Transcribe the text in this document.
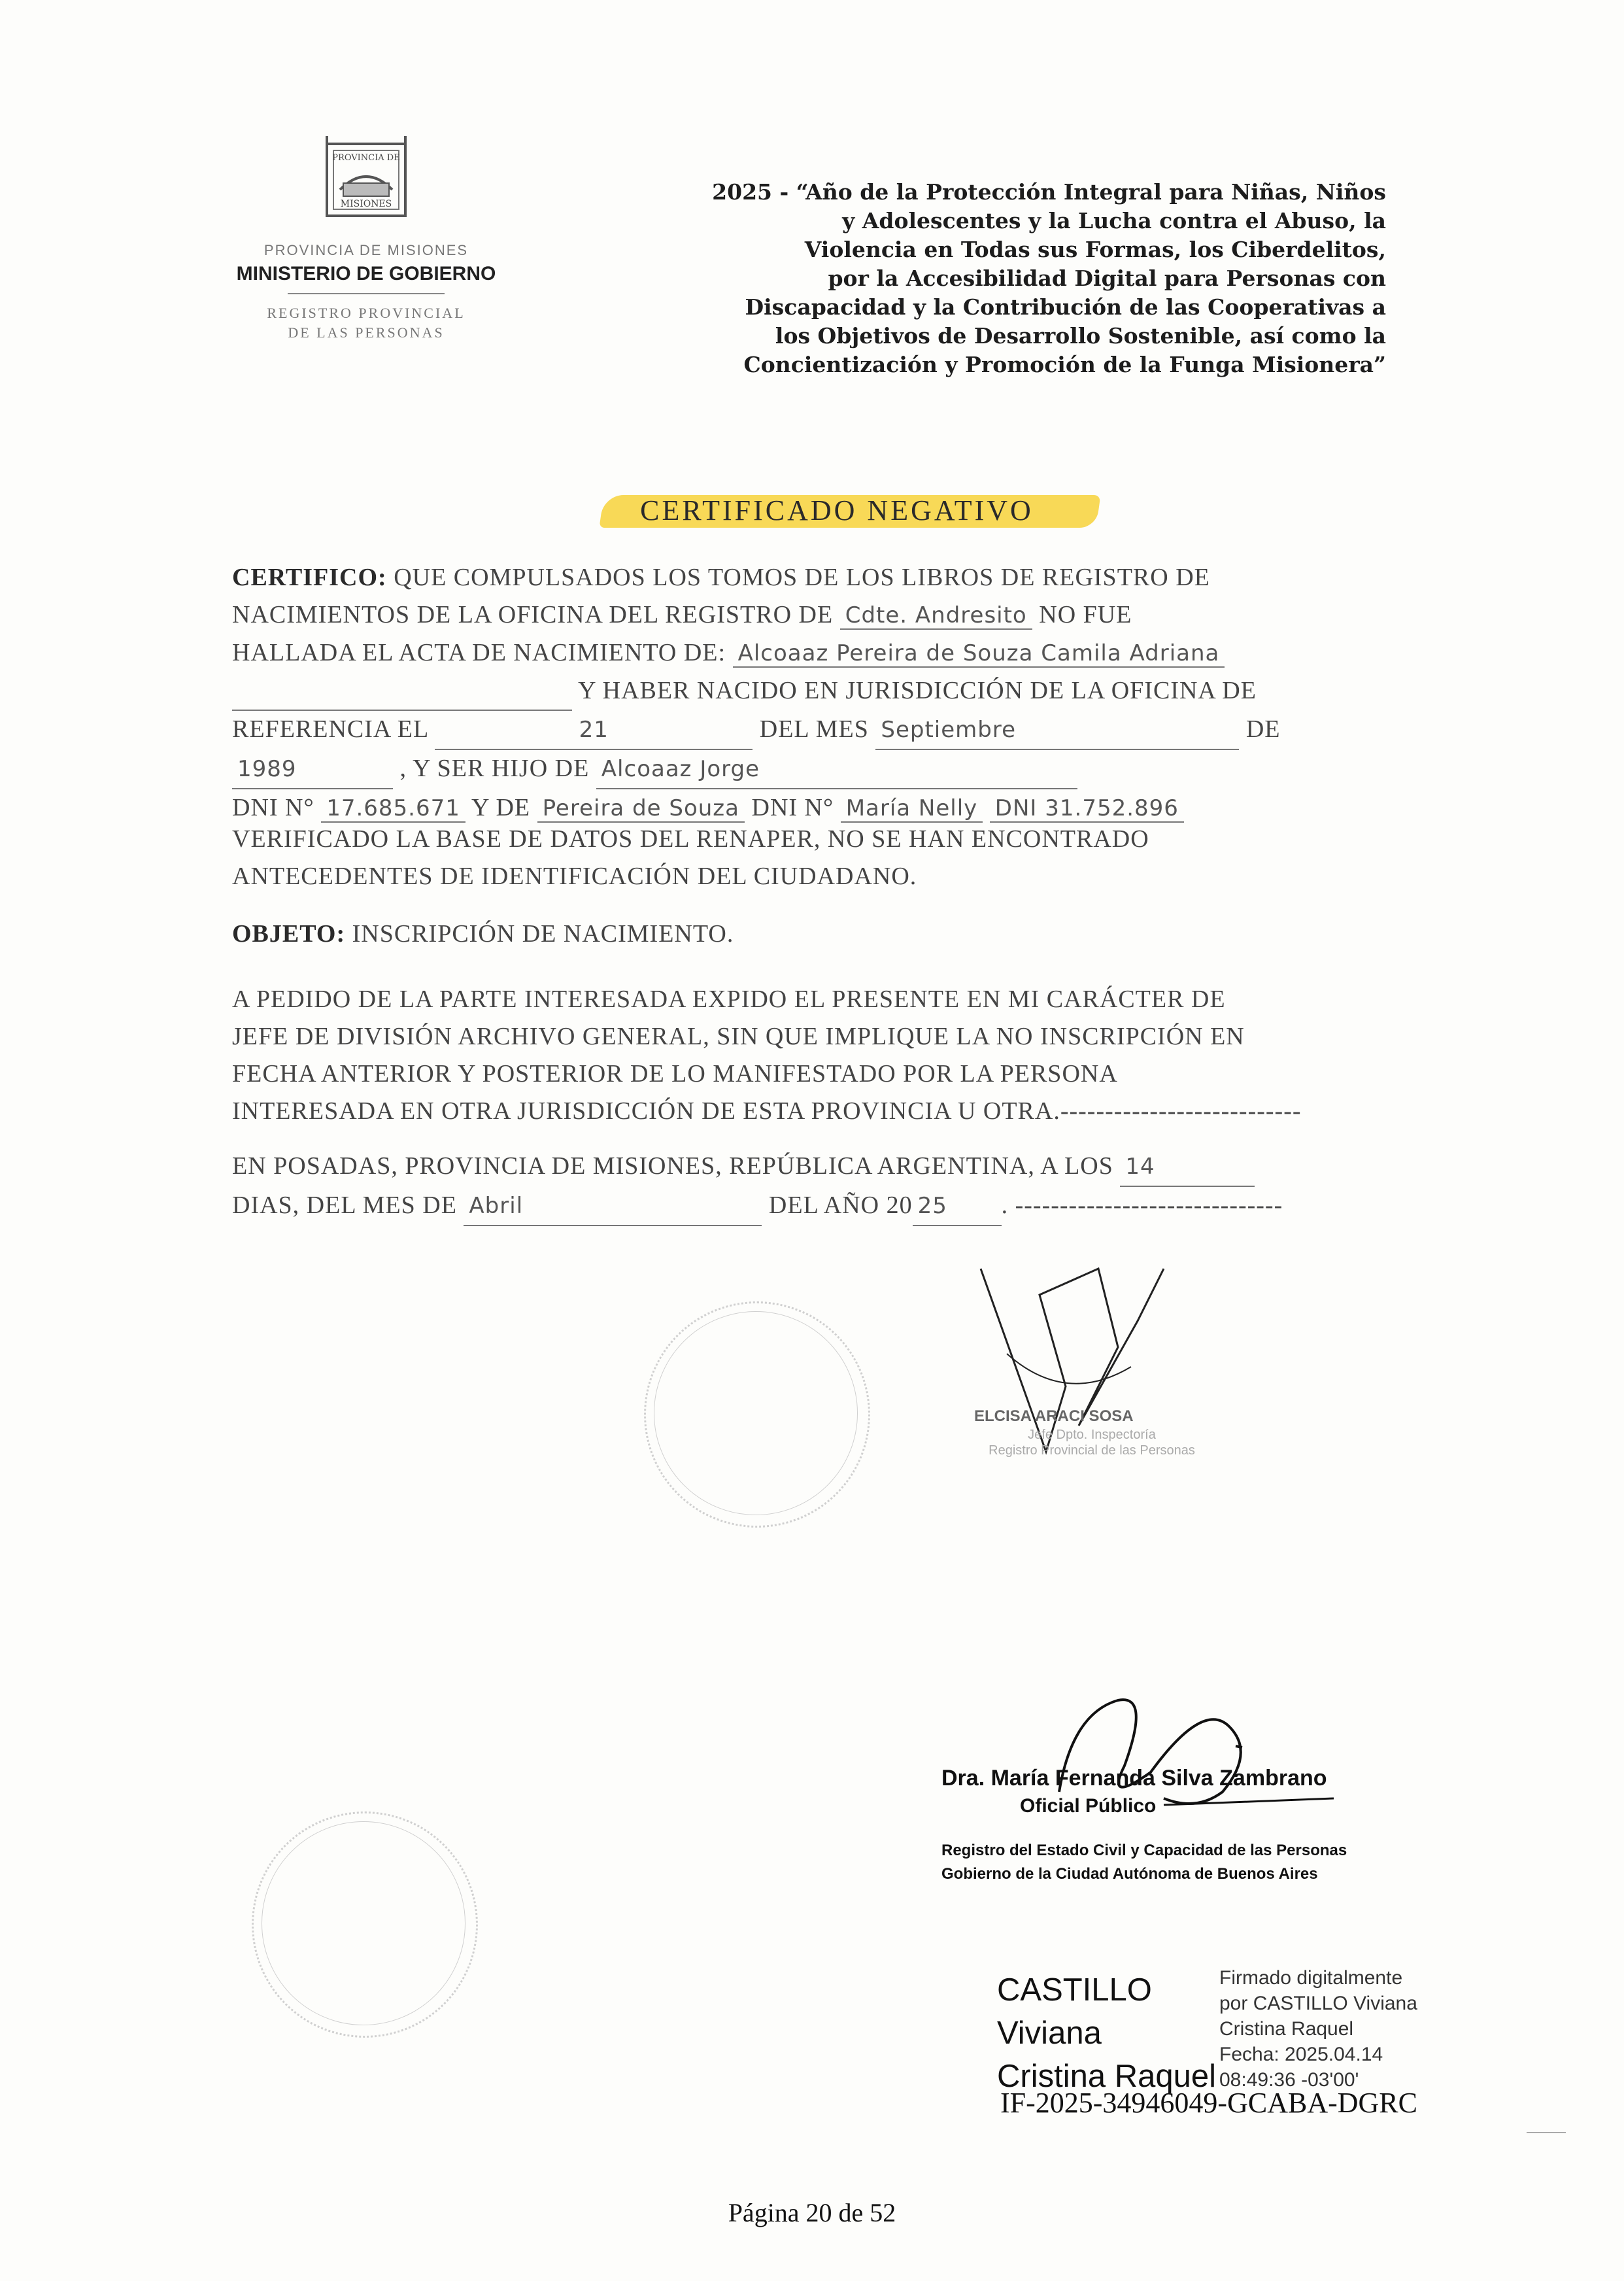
PROVINCIA DE
MISIONES
PROVINCIA DE MISIONES
MINISTERIO DE GOBIERNO
REGISTRO PROVINCIAL
DE LAS PERSONAS
2025 - “Año de la Protección Integral para Niñas, Niños
y Adolescentes y la Lucha contra el Abuso, la
Violencia en Todas sus Formas, los Ciberdelitos,
por la Accesibilidad Digital para Personas con
Discapacidad y la Contribución de las Cooperativas a
los Objetivos de Desarrollo Sostenible, así como la
Concientización y Promoción de la Funga Misionera”
CERTIFICADO NEGATIVO
CERTIFICO: QUE COMPULSADOS LOS TOMOS DE LOS LIBROS DE REGISTRO DE
NACIMIENTOS DE LA OFICINA DEL REGISTRO DE Cdte. Andresito NO FUE
HALLADA EL ACTA DE NACIMIENTO DE: Alcoaaz Pereira de Souza Camila Adriana
Y HABER NACIDO EN JURISDICCIÓN DE LA OFICINA DE
REFERENCIA EL	21	DEL MES Septiembre	DE
1989	, Y SER HIJO DE Alcoaaz Jorge
DNI N° 17.685.671 Y DE Pereira de Souza DNI N° María Nelly DNI 31.752.896
VERIFICADO LA BASE DE DATOS DEL RENAPER, NO SE HAN ENCONTRADO
ANTECEDENTES DE IDENTIFICACIÓN DEL CIUDADANO.
OBJETO: INSCRIPCIÓN DE NACIMIENTO.
A PEDIDO DE LA PARTE INTERESADA EXPIDO EL PRESENTE EN MI CARÁCTER DE
JEFE DE DIVISIÓN ARCHIVO GENERAL, SIN QUE IMPLIQUE LA NO INSCRIPCIÓN EN
FECHA ANTERIOR Y POSTERIOR DE LO MANIFESTADO POR LA PERSONA
INTERESADA EN OTRA JURISDICCIÓN DE ESTA PROVINCIA U OTRA.---------------------------
EN POSADAS, PROVINCIA DE MISIONES, REPÚBLICA ARGENTINA, A LOS 14
DIAS, DEL MES DE Abril	DEL AÑO 20 25 . ------------------------------
ELCISA ARACI SOSA
Jefe Dpto. Inspectoría
Registro Provincial de las Personas
Dra. María Fernanda Silva Zambrano
Oficial Público
Registro del Estado Civil y Capacidad de las Personas
Gobierno de la Ciudad Autónoma de Buenos Aires
CASTILLO
Viviana
Cristina Raquel
Firmado digitalmente
por CASTILLO Viviana
Cristina Raquel
Fecha: 2025.04.14
08:49:36 -03'00'
IF-2025-34946049-GCABA-DGRC
Página 20 de 52
